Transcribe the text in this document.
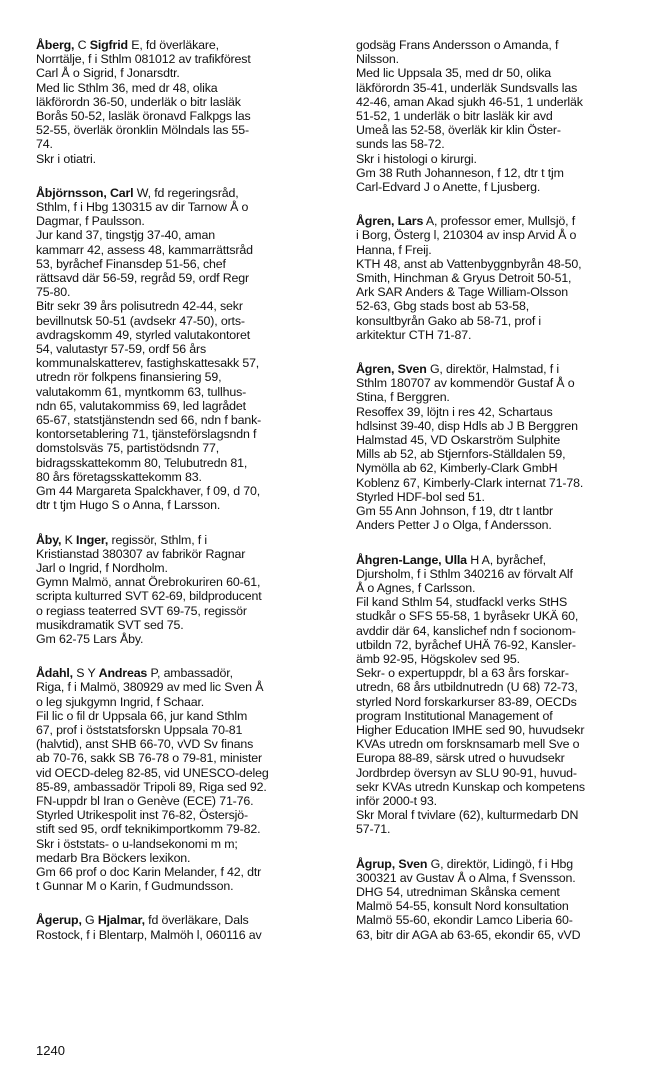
Åberg, C Sigfrid E, fd överläkare,
Norrtälje, f i Sthlm 081012 av trafikförest
Carl Å o Sigrid, f Jonarsdtr.
Med lic Sthlm 36, med dr 48, olika
läkförordn 36-50, underläk o bitr lasläk
Borås 50-52, lasläk öronavd Falkpgs las
52-55, överläk öronklin Mölndals las 55-
74.
Skr i otiatri.
Åbjörnsson, Carl W, fd regeringsråd,
Sthlm, f i Hbg 130315 av dir Tarnow Å o
Dagmar, f Paulsson.
Jur kand 37, tingstjg 37-40, aman
kammarr 42, assess 48, kammarrättsråd
53, byråchef Finansdep 51-56, chef
rättsavd där 56-59, regråd 59, ordf Regr
75-80.
Bitr sekr 39 års polisutredn 42-44, sekr
bevillnutsk 50-51 (avdsekr 47-50), orts-
avdragskomm 49, styrled valutakontoret
54, valutastyr 57-59, ordf 56 års
kommunalskatterev, fastighskattesakk 57,
utredn rör folkpens finansiering 59,
valutakomm 61, myntkomm 63, tullhus-
ndn 65, valutakommiss 69, led lagrådet
65-67, statstjänstendn sed 66, ndn f bank-
kontorsetablering 71, tjänsteförslagsndn f
domstolsväs 75, partistödsndn 77,
bidragsskattekomm 80, Telubutredn 81,
80 års företagsskattekomm 83.
Gm 44 Margareta Spalckhaver, f 09, d 70,
dtr t tjm Hugo S o Anna, f Larsson.
Åby, K Inger, regissör, Sthlm, f i
Kristianstad 380307 av fabrikör Ragnar
Jarl o Ingrid, f Nordholm.
Gymn Malmö, annat Örebrokuriren 60-61,
scripta kulturred SVT 62-69, bildproducent
o regiass teaterred SVT 69-75, regissör
musikdramatik SVT sed 75.
Gm 62-75 Lars Åby.
Ådahl, S Y Andreas P, ambassadör,
Riga, f i Malmö, 380929 av med lic Sven Å
o leg sjukgymn Ingrid, f Schaar.
Fil lic o fil dr Uppsala 66, jur kand Sthlm
67, prof i öststatsforskn Uppsala 70-81
(halvtid), anst SHB 66-70, vVD Sv finans
ab 70-76, sakk SB 76-78 o 79-81, minister
vid OECD-deleg 82-85, vid UNESCO-deleg
85-89, ambassadör Tripoli 89, Riga sed 92.
FN-uppdr bl Iran o Genève (ECE) 71-76.
Styrled Utrikespolit inst 76-82, Östersjö-
stift sed 95, ordf teknikimportkomm 79-82.
Skr i öststats- o u-landsekonomi m m;
medarb Bra Böckers lexikon.
Gm 66 prof o doc Karin Melander, f 42, dtr
t Gunnar M o Karin, f Gudmundsson.
Ågerup, G Hjalmar, fd överläkare, Dals
Rostock, f i Blentarp, Malmöh l, 060116 av
godsäg Frans Andersson o Amanda, f
Nilsson.
Med lic Uppsala 35, med dr 50, olika
läkförordn 35-41, underläk Sundsvalls las
42-46, aman Akad sjukh 46-51, 1 underläk
51-52, 1 underläk o bitr lasläk kir avd
Umeå las 52-58, överläk kir klin Öster-
sunds las 58-72.
Skr i histologi o kirurgi.
Gm 38 Ruth Johanneson, f 12, dtr t tjm
Carl-Edvard J o Anette, f Ljusberg.
Ågren, Lars A, professor emer, Mullsjö, f
i Borg, Österg l, 210304 av insp Arvid Å o
Hanna, f Freij.
KTH 48, anst ab Vattenbyggnbyrån 48-50,
Smith, Hinchman & Gryus Detroit 50-51,
Ark SAR Anders & Tage William-Olsson
52-63, Gbg stads bost ab 53-58,
konsultbyrån Gako ab 58-71, prof i
arkitektur CTH 71-87.
Ågren, Sven G, direktör, Halmstad, f i
Sthlm 180707 av kommendör Gustaf Å o
Stina, f Berggren.
Resoffex 39, löjtn i res 42, Schartaus
hdlsinst 39-40, disp Hdls ab J B Berggren
Halmstad 45, VD Oskarström Sulphite
Mills ab 52, ab Stjernfors-Ställdalen 59,
Nymölla ab 62, Kimberly-Clark GmbH
Koblenz 67, Kimberly-Clark internat 71-78.
Styrled HDF-bol sed 51.
Gm 55 Ann Johnson, f 19, dtr t lantbr
Anders Petter J o Olga, f Andersson.
Åhgren-Lange, Ulla H A, byråchef,
Djursholm, f i Sthlm 340216 av förvalt Alf
Å o Agnes, f Carlsson.
Fil kand Sthlm 54, studfackl verks StHS
studkår o SFS 55-58, 1 byråsekr UKÄ 60,
avddir där 64, kanslichef ndn f socionom-
utbildn 72, byråchef UHÄ 76-92, Kansler-
ämb 92-95, Högskolev sed 95.
Sekr- o expertuppdr, bl a 63 års forskar-
utredn, 68 års utbildnutredn (U 68) 72-73,
styrled Nord forskarkurser 83-89, OECDs
program Institutional Management of
Higher Education IMHE sed 90, huvudsekr
KVAs utredn om forsknsamarb mell Sve o
Europa 88-89, särsk utred o huvudsekr
Jordbrdep översyn av SLU 90-91, huvud-
sekr KVAs utredn Kunskap och kompetens
inför 2000-t 93.
Skr Moral f tvivlare (62), kulturmedarb DN
57-71.
Ågrup, Sven G, direktör, Lidingö, f i Hbg
300321 av Gustav Å o Alma, f Svensson.
DHG 54, utredniman Skånska cement
Malmö 54-55, konsult Nord konsultation
Malmö 55-60, ekondir Lamco Liberia 60-
63, bitr dir AGA ab 63-65, ekondir 65, vVD
1240
